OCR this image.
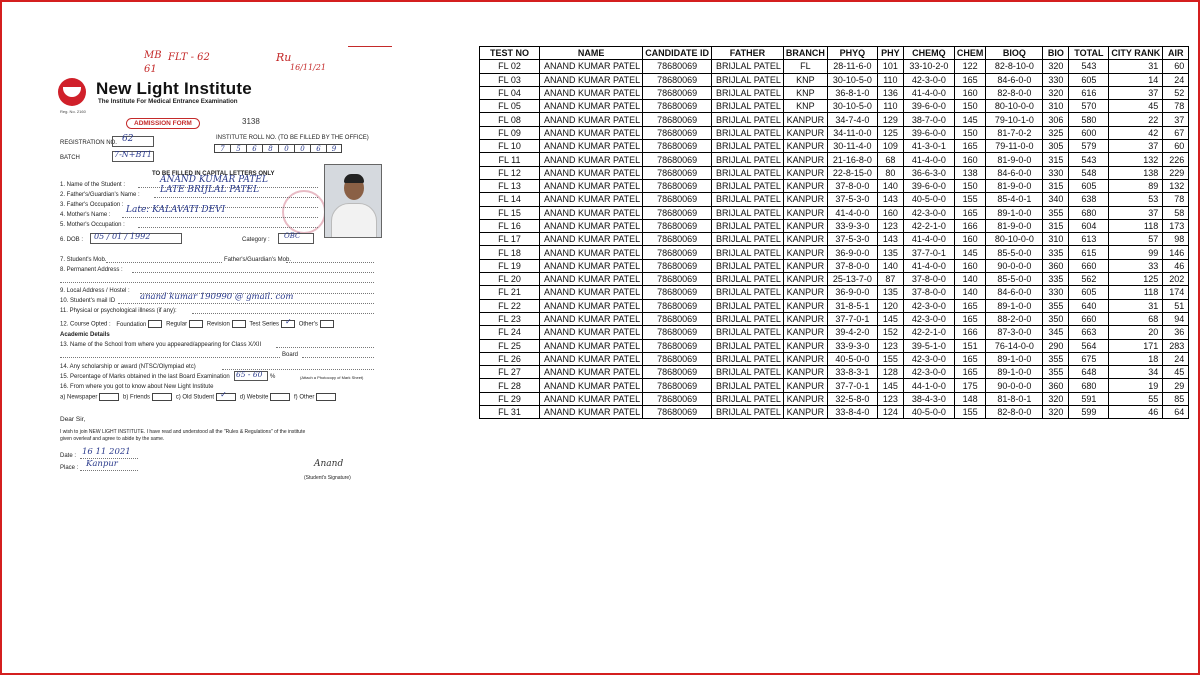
MB FLT - 62
61
Ru
16/11/21
New Light Institute
The Institute For Medical Entrance Examination
Reg. No. 2160
ADMISSION FORM	3138
REGISTRATION NO. 62	INSTITUTE ROLL NO. (TO BE FILLED BY THE OFFICE)
7	5	6	8	0	0	6	9
BATCH	7-N+BT1
TO BE FILLED IN CAPITAL LETTERS ONLY
1. Name of the Student :	ANAND KUMAR PATEL
2. Father's/Guardian's Name : LATE BRIJLAL PATEL
3. Father's Occupation :
4. Mother's Name : Late: KALAVATI DEVI
5. Mother's Occupation :
6. DOB : 05 / 01 / 1992	Category : OBC
7. Student's Mob.	Father's/Guardian's Mob.
8. Permanent Address :
9. Local Address / Hostel :
10. Student's mail ID	anand kumar 190990 @ gmail. com
11. Physical or psychological illness (if any):
12. Course Opted : Foundation	Regular	Revision	Test Series ✓	Other's
Academic Details
13. Name of the School from where you appeared/appearing for Class X/XII
Board
14. Any scholarship or award (NTSC/Olympiad etc)
15. Percentage of Marks obtained in the last Board Examination 65 - 60 %	(Attach a Photocopy of Mark Sheet)
16. From where you got to know about New Light Institute
a) Newspaper	b) Friends	c) Old Student ✓	d) Website	f) Other
Dear Sir,
I wish to join NEW LIGHT INSTITUTE. I have read and understood all the "Rules & Regulations" of the institute
given overleaf and agree to abide by the same.
Date : 16 11 2021
Place : Kanpur	Anand
(Student's Signature)
TEST NO	NAME	CANDIDATE ID	FATHER	BRANCH	PHYQ	PHY	CHEMQ	CHEM	BIOQ	BIO	TOTAL	CITY RANK	AIR
FL 02	ANAND KUMAR PATEL	78680069	BRIJLAL PATEL	FL	28-11-6-0	101	33-10-2-0	122	82-8-10-0	320	543	31	60
FL 03	ANAND KUMAR PATEL	78680069	BRIJLAL PATEL	KNP	30-10-5-0	110	42-3-0-0	165	84-6-0-0	330	605	14	24
FL 04	ANAND KUMAR PATEL	78680069	BRIJLAL PATEL	KNP	36-8-1-0	136	41-4-0-0	160	82-8-0-0	320	616	37	52
FL 05	ANAND KUMAR PATEL	78680069	BRIJLAL PATEL	KNP	30-10-5-0	110	39-6-0-0	150	80-10-0-0	310	570	45	78
FL 08	ANAND KUMAR PATEL	78680069	BRIJLAL PATEL	KANPUR	34-7-4-0	129	38-7-0-0	145	79-10-1-0	306	580	22	37
FL 09	ANAND KUMAR PATEL	78680069	BRIJLAL PATEL	KANPUR	34-11-0-0	125	39-6-0-0	150	81-7-0-2	325	600	42	67
FL 10	ANAND KUMAR PATEL	78680069	BRIJLAL PATEL	KANPUR	30-11-4-0	109	41-3-0-1	165	79-11-0-0	305	579	37	60
FL 11	ANAND KUMAR PATEL	78680069	BRIJLAL PATEL	KANPUR	21-16-8-0	68	41-4-0-0	160	81-9-0-0	315	543	132	226
FL 12	ANAND KUMAR PATEL	78680069	BRIJLAL PATEL	KANPUR	22-8-15-0	80	36-6-3-0	138	84-6-0-0	330	548	138	229
FL 13	ANAND KUMAR PATEL	78680069	BRIJLAL PATEL	KANPUR	37-8-0-0	140	39-6-0-0	150	81-9-0-0	315	605	89	132
FL 14	ANAND KUMAR PATEL	78680069	BRIJLAL PATEL	KANPUR	37-5-3-0	143	40-5-0-0	155	85-4-0-1	340	638	53	78
FL 15	ANAND KUMAR PATEL	78680069	BRIJLAL PATEL	KANPUR	41-4-0-0	160	42-3-0-0	165	89-1-0-0	355	680	37	58
FL 16	ANAND KUMAR PATEL	78680069	BRIJLAL PATEL	KANPUR	33-9-3-0	123	42-2-1-0	166	81-9-0-0	315	604	118	173
FL 17	ANAND KUMAR PATEL	78680069	BRIJLAL PATEL	KANPUR	37-5-3-0	143	41-4-0-0	160	80-10-0-0	310	613	57	98
FL 18	ANAND KUMAR PATEL	78680069	BRIJLAL PATEL	KANPUR	36-9-0-0	135	37-7-0-1	145	85-5-0-0	335	615	99	146
FL 19	ANAND KUMAR PATEL	78680069	BRIJLAL PATEL	KANPUR	37-8-0-0	140	41-4-0-0	160	90-0-0-0	360	660	33	46
FL 20	ANAND KUMAR PATEL	78680069	BRIJLAL PATEL	KANPUR	25-13-7-0	87	37-8-0-0	140	85-5-0-0	335	562	125	202
FL 21	ANAND KUMAR PATEL	78680069	BRIJLAL PATEL	KANPUR	36-9-0-0	135	37-8-0-0	140	84-6-0-0	330	605	118	174
FL 22	ANAND KUMAR PATEL	78680069	BRIJLAL PATEL	KANPUR	31-8-5-1	120	42-3-0-0	165	89-1-0-0	355	640	31	51
FL 23	ANAND KUMAR PATEL	78680069	BRIJLAL PATEL	KANPUR	37-7-0-1	145	42-3-0-0	165	88-2-0-0	350	660	68	94
FL 24	ANAND KUMAR PATEL	78680069	BRIJLAL PATEL	KANPUR	39-4-2-0	152	42-2-1-0	166	87-3-0-0	345	663	20	36
FL 25	ANAND KUMAR PATEL	78680069	BRIJLAL PATEL	KANPUR	33-9-3-0	123	39-5-1-0	151	76-14-0-0	290	564	171	283
FL 26	ANAND KUMAR PATEL	78680069	BRIJLAL PATEL	KANPUR	40-5-0-0	155	42-3-0-0	165	89-1-0-0	355	675	18	24
FL 27	ANAND KUMAR PATEL	78680069	BRIJLAL PATEL	KANPUR	33-8-3-1	128	42-3-0-0	165	89-1-0-0	355	648	34	45
FL 28	ANAND KUMAR PATEL	78680069	BRIJLAL PATEL	KANPUR	37-7-0-1	145	44-1-0-0	175	90-0-0-0	360	680	19	29
FL 29	ANAND KUMAR PATEL	78680069	BRIJLAL PATEL	KANPUR	32-5-8-0	123	38-4-3-0	148	81-8-0-1	320	591	55	85
FL 31	ANAND KUMAR PATEL	78680069	BRIJLAL PATEL	KANPUR	33-8-4-0	124	40-5-0-0	155	82-8-0-0	320	599	46	64
